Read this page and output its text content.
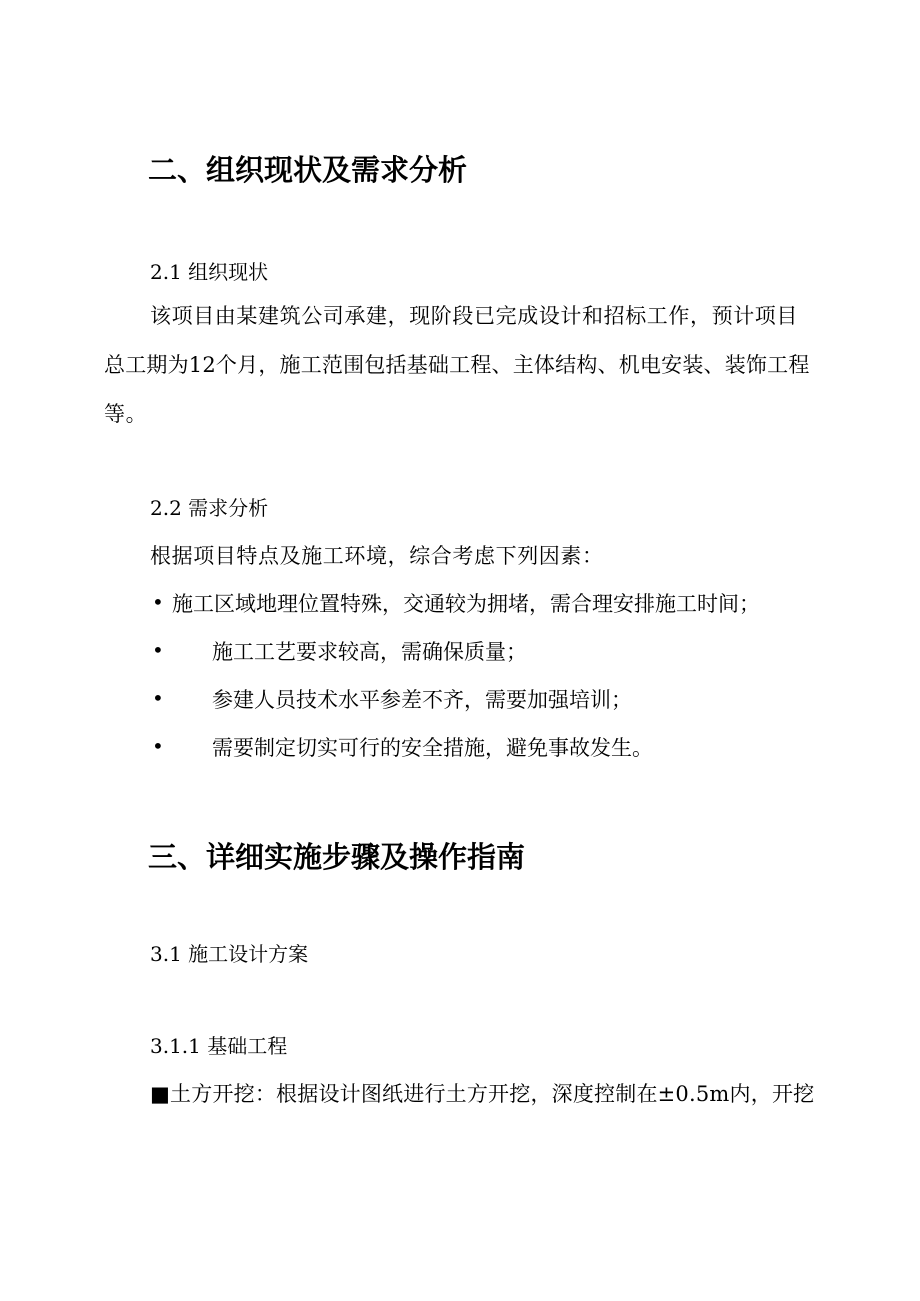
二、组织现状及需求分析
2.1 组织现状
该项目由某建筑公司承建，现阶段已完成设计和招标工作，预计项目
总工期为12个月，施工范围包括基础工程、主体结构、机电安装、装饰工程
等。
2.2 需求分析
根据项目特点及施工环境，综合考虑下列因素：
• 施工区域地理位置特殊，交通较为拥堵，需合理安排施工时间；
• 施工工艺要求较高，需确保质量；
• 参建人员技术水平参差不齐，需要加强培训；
• 需要制定切实可行的安全措施，避免事故发生。
三、详细实施步骤及操作指南
3.1 施工设计方案
3.1.1 基础工程
■土方开挖：根据设计图纸进行土方开挖，深度控制在±0.5m内，开挖
